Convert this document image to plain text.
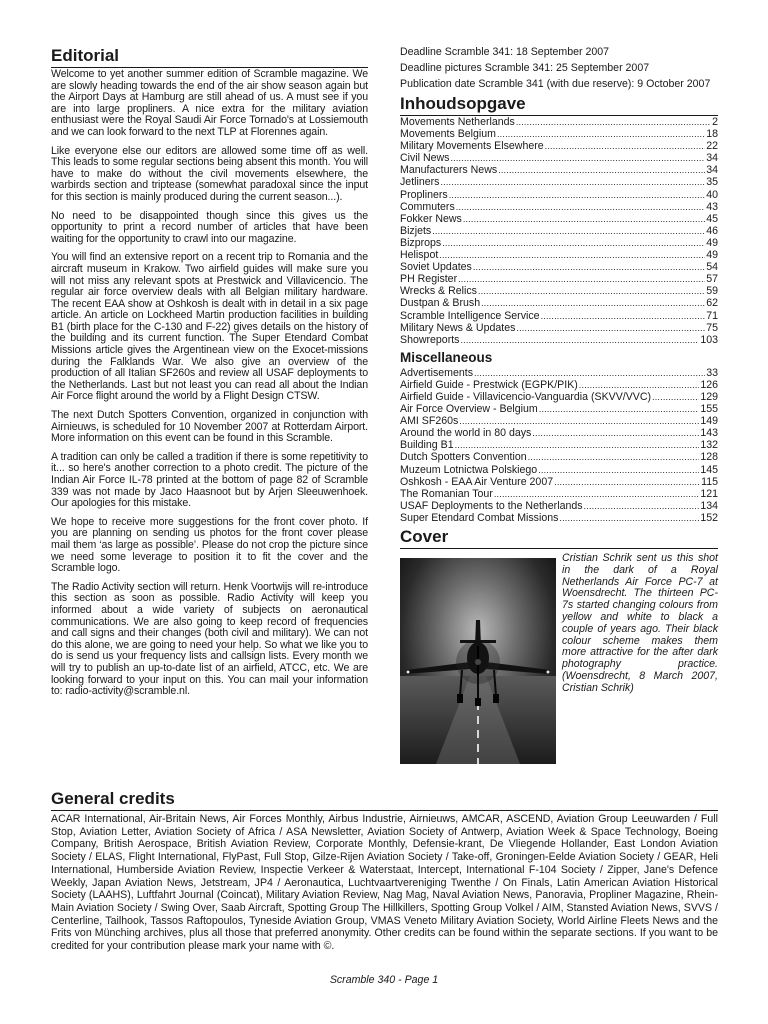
Editorial

Welcome to yet another summer edition of Scramble magazine. We are slowly heading towards the end of the air show season again but the Airport Days at Hamburg are still ahead of us. A must see if you are into large propliners. A nice extra for the military aviation enthusiast were the Royal Saudi Air Force Tornado's at Lossiemouth and we can look forward to the next TLP at Florennes again.

Like everyone else our editors are allowed some time off as well. This leads to some regular sections being absent this month. You will have to make do without the civil movements elsewhere, the warbirds section and triptease (somewhat paradoxal since the input for this section is mainly produced during the current season...).

No need to be disappointed though since this gives us the opportunity to print a record number of articles that have been waiting for the opportunity to crawl into our magazine.

You will find an extensive report on a recent trip to Romania and the aircraft museum in Krakow. Two airfield guides will make sure you will not miss any relevant spots at Prestwick and Villavicencio. The regular air force overview deals with all Belgian military hardware. The recent EAA show at Oshkosh is dealt with in detail in a six page article. An article on Lockheed Martin production facilities in building B1 (birth place for the C-130 and F-22) gives details on the history of the building and its current function. The Super Etendard Combat Missions article gives the Argentinean view on the Exocet-missions during the Falklands War. We also give an overview of the production of all Italian SF260s and review all USAF deployments to the Netherlands. Last but not least you can read all about the Indian Air Force flight around the world by a Flight Design CTSW.

The next Dutch Spotters Convention, organized in conjunction with Airnieuws, is scheduled for 10 November 2007 at Rotterdam Airport. More information on this event can be found in this Scramble.

A tradition can only be called a tradition if there is some repetitivity to it... so here's another correction to a photo credit. The picture of the Indian Air Force IL-78 printed at the bottom of page 82 of Scramble 339 was not made by Jaco Haasnoot but by Arjen Sleeuwenhoek. Our apologies for this mistake.

We hope to receive more suggestions for the front cover photo. If you are planning on sending us photos for the front cover please mail them ‘as large as possible’. Please do not crop the picture since we need some leverage to position it to fit the cover and the Scramble logo.

The Radio Activity section will return. Henk Voortwijs will re-introduce this section as soon as possible. Radio Activity will keep you informed about a wide variety of subjects on aeronautical communications. We are also going to keep record of frequencies and call signs and their changes (both civil and military). We can not do this alone, we are going to need your help. So what we like you to do is send us your frequency lists and callsign lists. Every month we will try to publish an up-to-date list of an airfield, ATCC, etc. We are looking forward to your input on this. You can mail your information to: radio-activity@scramble.nl.

Deadline Scramble 341: 18 September 2007

Deadline pictures Scramble 341: 25 September 2007

Publication date Scramble 341 (with due reserve): 9 October 2007

Inhoudsopgave
Movements Netherlands .....	2
Movements Belgium .....	18
Military Movements Elsewhere .....	22
Civil News .....	34
Manufacturers News .....	34
Jetliners .....	35
Propliners .....	40
Commuters .....	43
Fokker News .....	45
Bizjets .....	46
Bizprops .....	49
Helispot .....	49
Soviet Updates .....	54
PH Register .....	57
Wrecks & Relics .....	59
Dustpan & Brush .....	62
Scramble Intelligence Service .....	71
Military News & Updates .....	75
Showreports .....	103
Miscellaneous
Advertisements .....	33
Airfield Guide - Prestwick (EGPK/PIK) .....	126
Airfield Guide - Villavicencio-Vanguardia (SKVV/VVC) .....	129
Air Force Overview - Belgium .....	155
AMI SF260s .....	149
Around the world in 80 days .....	143
Building B1 .....	132
Dutch Spotters Convention .....	128
Muzeum Lotnictwa Polskiego .....	145
Oshkosh - EAA Air Venture 2007 .....	115
The Romanian Tour .....	121
USAF Deployments to the Netherlands .....	134
Super Etendard Combat Missions .....	152
Cover

Cristian Schrik sent us this shot in the dark of a Royal Netherlands Air Force PC-7 at Woensdrecht. The thirteen PC-7s started changing colours from yellow and white to black a couple of years ago. Their black colour scheme makes them more attractive for the after dark photography practice. (Woensdrecht, 8 March 2007, Cristian Schrik)

General credits

ACAR International, Air-Britain News, Air Forces Monthly, Airbus Industrie, Airnieuws, AMCAR, ASCEND, Aviation Group Leeuwarden / Full Stop, Aviation Letter, Aviation Society of Africa / ASA Newsletter, Aviation Society of Antwerp, Aviation Week & Space Technology, Boeing Company, British Aerospace, British Aviation Review, Corporate Monthly, Defensie-krant, De Vliegende Hollander, East London Aviation Society / ELAS, Flight International, FlyPast, Full Stop, Gilze-Rijen Aviation Society / Take-off, Groningen-Eelde Aviation Society / GEAR, Heli International, Humberside Aviation Review, Inspectie Verkeer & Waterstaat, Intercept, International F-104 Society / Zipper, Jane's Defence Weekly, Japan Aviation News, Jetstream, JP4 / Aeronautica, Luchtvaartvereniging Twenthe / On Finals, Latin American Aviation Historical Society (LAAHS), Luftfahrt Journal (Coincat), Military Aviation Review, Nag Mag, Naval Aviation News, Panoravia, Propliner Magazine, Rhein-Main Aviation Society / Swing Over, Saab Aircraft, Spotting Group The Hillkillers, Spotting Group Volkel / AIM, Stansted Aviation News, SVVS / Centerline, Tailhook, Tassos Raftopoulos, Tyneside Aviation Group, VMAS Veneto Military Aviation Society, World Airline Fleets News and the Frits von Münching archives, plus all those that preferred anonymity. Other credits can be found within the separate sections. If you want to be credited for your contribution please mark your name with ©.

Scramble 340 - Page 1
